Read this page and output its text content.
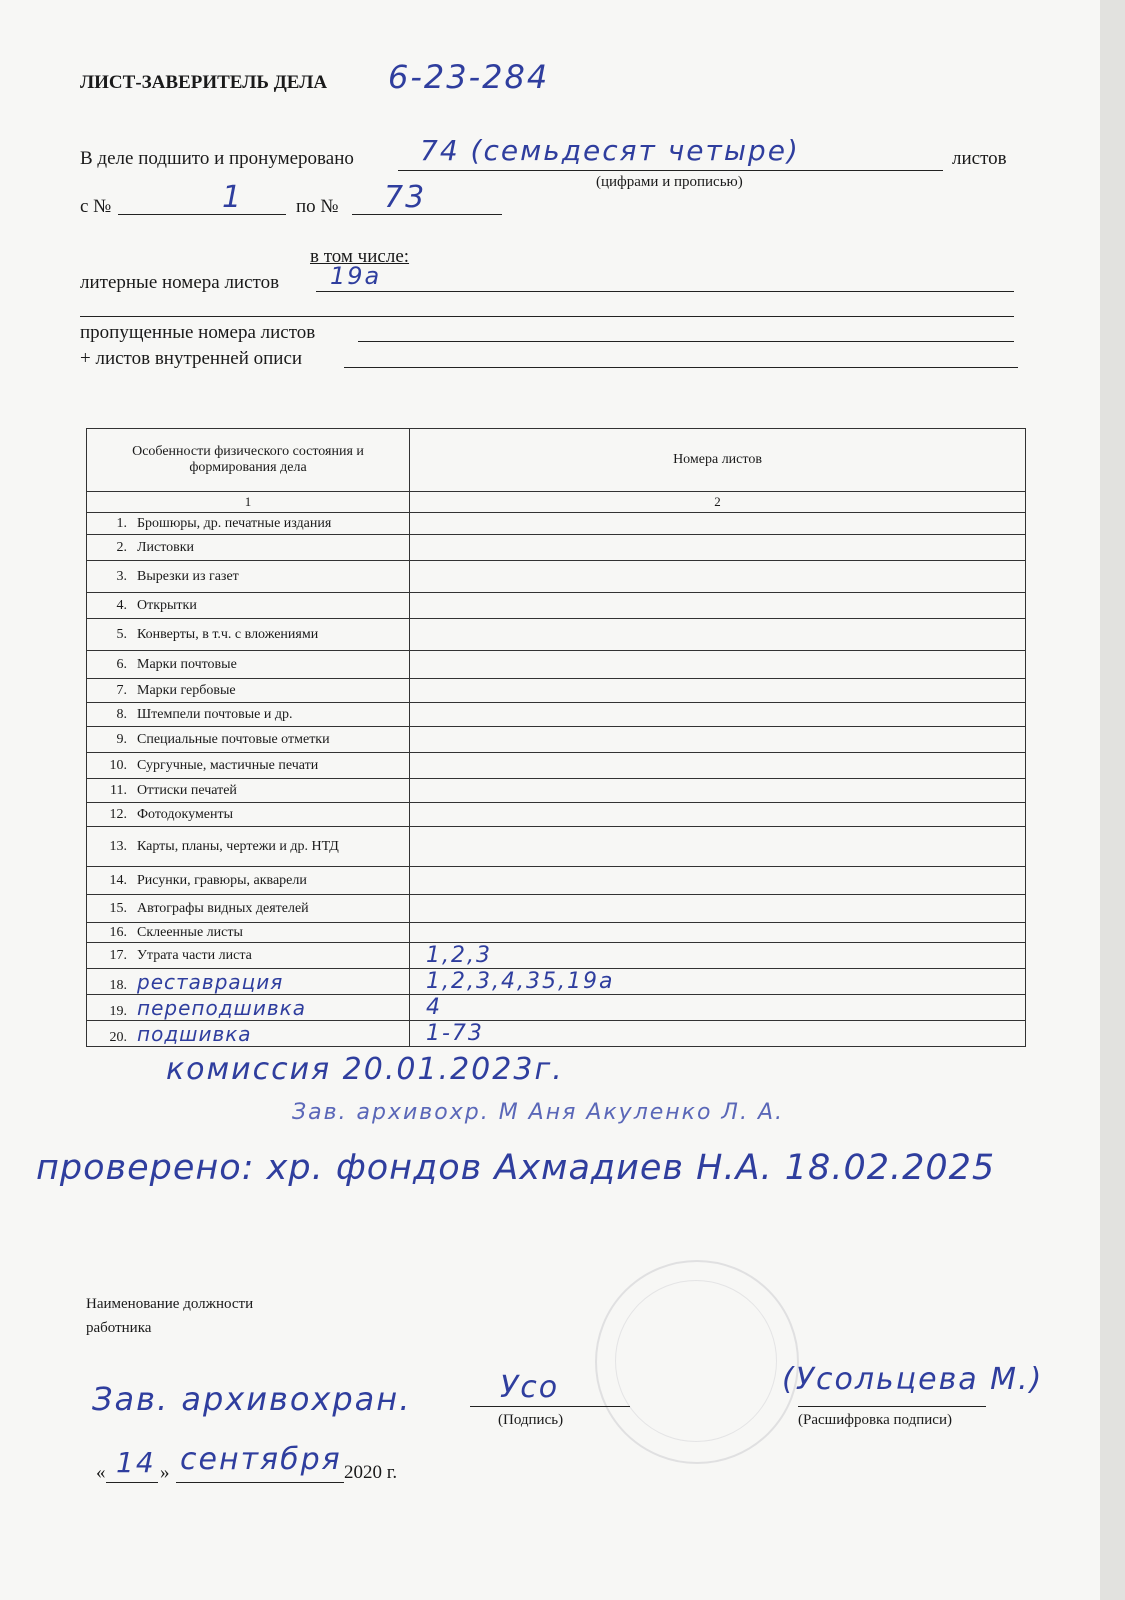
ЛИСТ-ЗАВЕРИТЕЛЬ ДЕЛА 6-23-284
В деле подшито и пронумеровано 74 (семьдесят четыре)	листов
(цифрами и прописью)
с №	1	по № 73
в том числе:
литерные номера листов 19а
пропущенные номера листов
+ листов внутренней описи
Особенности физического состояния и формирования дела	Номера листов
1	2
1. Брошюры, др. печатные издания	
2. Листовки	
3. Вырезки из газет	
4. Открытки	
5. Конверты, в т.ч. с вложениями	
6. Марки почтовые	
7. Марки гербовые	
8. Штемпели почтовые и др.	
9. Специальные почтовые отметки	
10. Сургучные, мастичные печати	
11. Оттиски печатей	
12. Фотодокументы	
13. Карты, планы, чертежи и др. НТД	
14. Рисунки, гравюры, акварели	
15. Автографы видных деятелей	
16. Склеенные листы	
17. Утрата части листа	1,2,3
18. реставрация	1,2,3,4,35,19а
19. переподшивка	4
20. подшивка	1-73
комиссия 20.01.2023г.
Зав. архивохр. М Аня Акуленко Л. А.
проверено: хр. фондов Ахмадиев Н.А. 18.02.2025
Наименование должности
работника
Зав. архивохран.	Усо
(Подпись)
(Усольцева М.)
(Расшифровка подписи)
« 14 » сентября 2020 г.
